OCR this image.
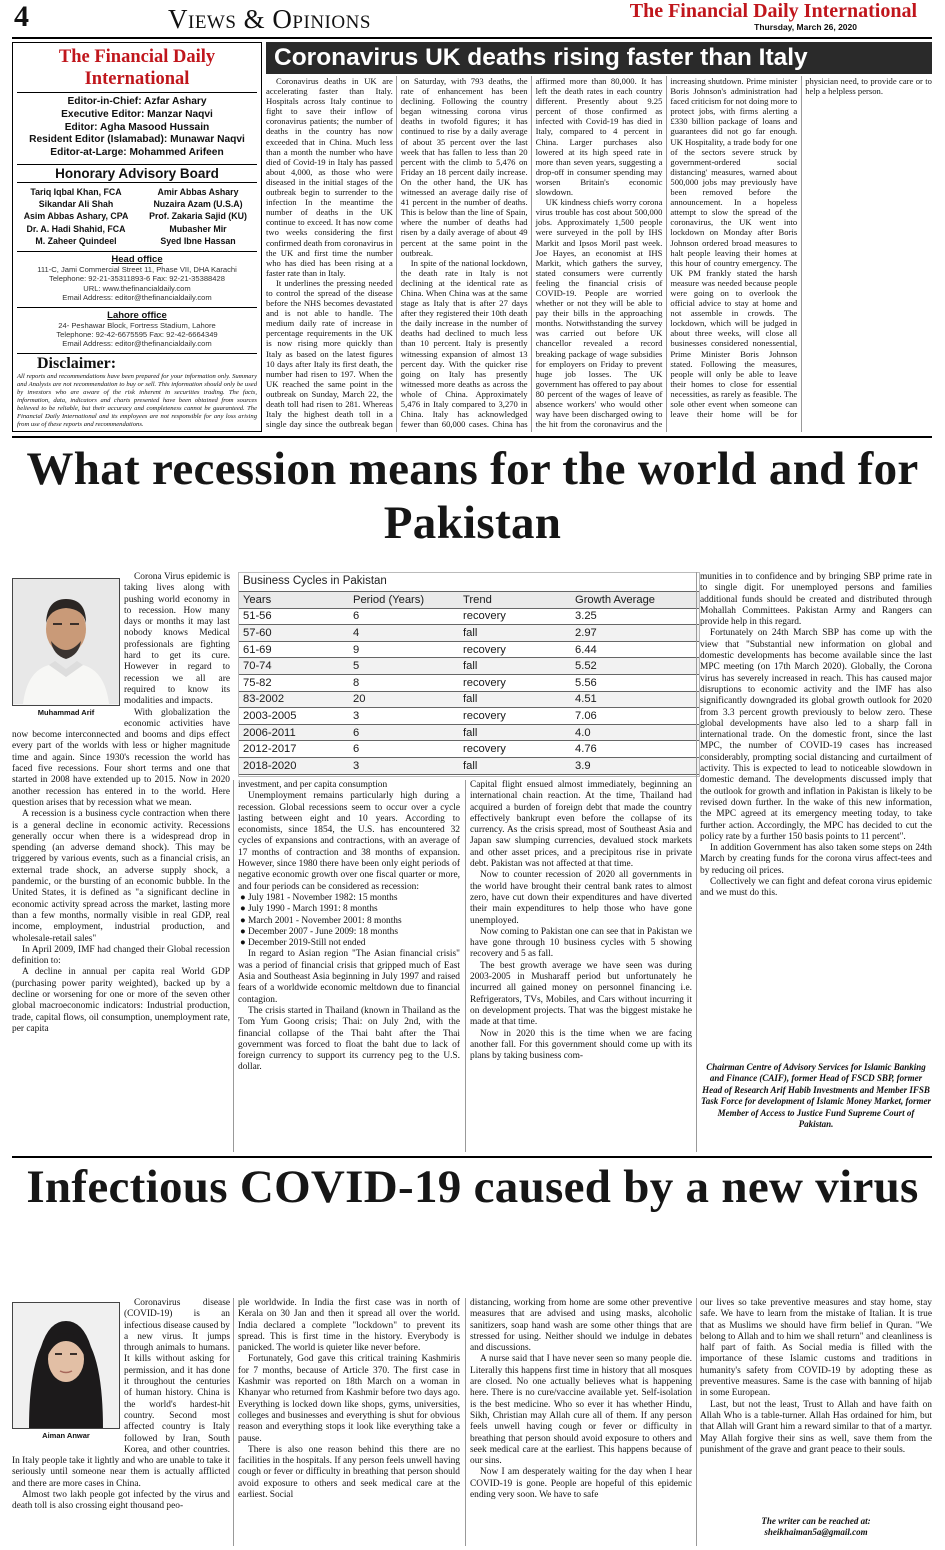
4	Views & Opinions	The Financial Daily International
Thursday, March 26, 2020
The Financial Daily International
Editor-in-Chief: Azfar Ashary
Executive Editor: Manzar Naqvi
Editor: Agha Masood Hussain
Resident Editor (Islamabad): Munawar Naqvi
Editor-at-Large: Mohammed Arifeen
Honorary Advisory Board
Tariq Iqbal Khan, FCA	Amir Abbas Ashary
Sikandar Ali Shah	Nuzaira Azam (U.S.A)
Asim Abbas Ashary, CPA	Prof. Zakaria Sajid (KU)
Dr. A. Hadi Shahid, FCA	Mubasher Mir
M. Zaheer Quindeel	Syed Ibne Hassan
Head office
111-C, Jami Commercial Street 11, Phase VII, DHA Karachi
Telephone: 92-21-35311893-6 Fax: 92-21-35388428
URL: www.thefinancialdaily.com
Email Address: editor@thefinancialdaily.com
Lahore office
24- Peshawar Block, Fortress Stadium, Lahore
Telephone: 92-42-6675595 Fax: 92-42-6664349
Email Address: editor@thefinancialdaily.com
Disclaimer:
All reports and recommendations have been prepared for your information only. Summary and Analysis are not recommendation to buy or sell. This information should only be used by investors who are aware of the risk inherent in securities trading. The facts, information, data, indicators and charts presented have been obtained from sources believed to be reliable, but their accuracy and completeness cannot be guaranteed. The Financial Daily International and its employees are not responsible for any loss arising from use of these reports and recommendations.
Coronavirus UK deaths rising faster than Italy

Coronavirus deaths in UK are accelerating faster than Italy. Hospitals across Italy continue to fight to save their inflow of coronavirus patients; the number of deaths in the country has now exceeded that in China. Much less than a month the number who have died of Covid-19 in Italy has passed about 4,000, as those who were diseased in the initial stages of the outbreak begin to surrender to the infection In the meantime the number of deaths in the UK continue to exceed. It has now come two weeks considering the first confirmed death from coronavirus in the UK and first time the number who has died has been rising at a faster rate than in Italy.

It underlines the pressing needed to control the spread of the disease before the NHS becomes devastated and is not able to handle. The medium daily rate of increase in percentage requirements in the UK is now rising more quickly than Italy as based on the latest figures 10 days after Italy its first death, the number had risen to 197. When the UK reached the same point in the outbreak on Sunday, March 22, the death toll had risen to 281. Whereas Italy the highest death toll in a single day since the outbreak began on Saturday, with 793 deaths, the rate of enhancement has been declining. Following the country began witnessing corona virus deaths in twofold figures; it has continued to rise by a daily average of about 35 percent over the last week that has fallen to less than 20 percent with the climb to 5,476 on Friday an 18 percent daily increase. On the other hand, the UK has witnessed an average daily rise of 41 percent in the number of deaths. This is below than the line of Spain, where the number of deaths had risen by a daily average of about 49 percent at the same point in the outbreak.

In spite of the national lockdown, the death rate in Italy is not declining at the identical rate as China. When China was at the same stage as Italy that is after 27 days after they registered their 10th death the daily increase in the number of deaths had declined to much less than 10 percent. Italy is presently witnessing expansion of almost 13 percent day. With the quicker rise going on Italy has presently witnessed more deaths as across the whole of China. Approximately 5,476 in Italy compared to 3,270 in China. Italy has acknowledged fewer than 60,000 cases. China has affirmed more than 80,000. It has left the death rates in each country different. Presently about 9.25 percent of those confirmed as infected with Covid-19 has died in Italy, compared to 4 percent in China. Larger purchases also lowered at its high speed rate in more than seven years, suggesting a drop-off in consumer spending may worsen Britain's economic slowdown.

UK kindness chiefs worry corona virus trouble has cost about 500,000 jobs. Approximately 1,500 people were surveyed in the poll by IHS Markit and Ipsos Moril past week. Joe Hayes, an economist at IHS Markit, which gathers the survey, stated consumers were currently feeling the financial crisis of COVID-19. People are worried whether or not they will be able to pay their bills in the approaching months. Notwithstanding the survey was carried out before UK chancellor revealed a record breaking package of wage subsidies for employers on Friday to prevent huge job losses. The UK government has offered to pay about 80 percent of the wages of leave of absence workers' who would other way have been discharged owing to the hit from the coronavirus and the increasing shutdown. Prime minister Boris Johnson's administration had faced criticism for not doing more to protect jobs, with firms alerting a £330 billion package of loans and guarantees did not go far enough. UK Hospitality, a trade body for one of the sectors severe struck by government-ordered social distancing' measures, warned about 500,000 jobs may previously have been removed before the announcement. In a hopeless attempt to slow the spread of the coronavirus, the UK went into lockdown on Monday after Boris Johnson ordered broad measures to halt people leaving their homes at this hour of country emergency. The UK PM frankly stated the harsh measure was needed because people were going on to overlook the official advice to stay at home and not assemble in crowds. The lockdown, which will be judged in about three weeks, will close all businesses considered nonessential, Prime Minister Boris Johnson stated. Following the measures, people will only be able to leave their homes to close for essential necessities, as rarely as feasible. The sole other event when someone can leave their home will be for physician need, to provide care or to help a helpless person.

What recession means for the world and for Pakistan

Corona Virus epidemic is taking lives along with pushing world economy in to recession. How many days or months it may last nobody knows Medical professionals are fighting hard to get its cure. However in regard to recession we all are required to know its modalities and impacts.

With globalization the economic activities have now become interconnected and booms and dips effect every part of the worlds with less or higher magnitude time and again. Since 1930's recession the world has faced five recessions. Four short terms and one that started in 2008 have extended up to 2015. Now in 2020 another recession has entered in to the world. Here question arises that by recession what we mean.

A recession is a business cycle contraction when there is a general decline in economic activity. Recessions generally occur when there is a widespread drop in spending (an adverse demand shock). This may be triggered by various events, such as a financial crisis, an external trade shock, an adverse supply shock, a pandemic, or the bursting of an economic bubble. In the United States, it is defined as "a significant decline in economic activity spread across the market, lasting more than a few months, normally visible in real GDP, real income, employment, industrial production, and wholesale-retail sales"

In April 2009, IMF had changed their Global recession definition to:

A decline in annual per capita real World GDP (purchasing power parity weighted), backed up by a decline or worsening for one or more of the seven other global macroeconomic indicators: Industrial production, trade, capital flows, oil consumption, unemployment rate, per capita

Muhammad Arif
Business Cycles in Pakistan
Years	Period (Years)	Trend	Growth Average
51-56	6	recovery	3.25
57-60	4	fall	2.97
61-69	9	recovery	6.44
70-74	5	fall	5.52
75-82	8	recovery	5.56
83-2002	20	fall	4.51
2003-2005	3	recovery	7.06
2006-2011	6	fall	4.0
2012-2017	6	recovery	4.76
2018-2020	3	fall	3.9

investment, and per capita consumption

Unemployment remains particularly high during a recession. Global recessions seem to occur over a cycle lasting between eight and 10 years. According to economists, since 1854, the U.S. has encountered 32 cycles of expansions and contractions, with an average of 17 months of contraction and 38 months of expansion. However, since 1980 there have been only eight periods of negative economic growth over one fiscal quarter or more, and four periods can be considered as recession:

● July 1981 - November 1982: 15 months

● July 1990 - March 1991: 8 months

● March 2001 - November 2001: 8 months

● December 2007 - June 2009: 18 months

● December 2019-Still not ended

In regard to Asian region "The Asian financial crisis" was a period of financial crisis that gripped much of East Asia and Southeast Asia beginning in July 1997 and raised fears of a worldwide economic meltdown due to financial contagion.

The crisis started in Thailand (known in Thailand as the Tom Yum Goong crisis; Thai: on July 2nd, with the financial collapse of the Thai baht after the Thai government was forced to float the baht due to lack of foreign currency to support its currency peg to the U.S. dollar.

Capital flight ensued almost immediately, beginning an international chain reaction. At the time, Thailand had acquired a burden of foreign debt that made the country effectively bankrupt even before the collapse of its currency. As the crisis spread, most of Southeast Asia and Japan saw slumping currencies, devalued stock markets and other asset prices, and a precipitous rise in private debt. Pakistan was not affected at that time.

Now to counter recession of 2020 all governments in the world have brought their central bank rates to almost zero, have cut down their expenditures and have diverted their main expenditures to help those who have gone unemployed.

Now coming to Pakistan one can see that in Pakistan we have gone through 10 business cycles with 5 showing recovery and 5 as fall.

The best growth average we have seen was during 2003-2005 in Musharaff period but unfortunately he incurred all gained money on personnel financing i.e. Refrigerators, TVs, Mobiles, and Cars without incurring it on development projects. That was the biggest mistake he made at that time.

Now in 2020 this is the time when we are facing another fall. For this government should come up with its plans by taking business com-

munities in to confidence and by bringing SBP prime rate in to single digit. For unemployed persons and families additional funds should be created and distributed through Mohallah Committees. Pakistan Army and Rangers can provide help in this regard.

Fortunately on 24th March SBP has come up with the view that "Substantial new information on global and domestic developments has become available since the last MPC meeting (on 17th March 2020). Globally, the Corona virus has severely increased in reach. This has caused major disruptions to economic activity and the IMF has also significantly downgraded its global growth outlook for 2020 from 3.3 percent growth previously to below zero. These global developments have also led to a sharp fall in international trade. On the domestic front, since the last MPC, the number of COVID-19 cases has increased considerably, prompting social distancing and curtailment of activity. This is expected to lead to noticeable slowdown in domestic demand. The developments discussed imply that the outlook for growth and inflation in Pakistan is likely to be revised down further. In the wake of this new information, the MPC agreed at its emergency meeting today, to take further action. Accordingly, the MPC has decided to cut the policy rate by a further 150 basis points to 11 percent".

In addition Government has also taken some steps on 24th March by creating funds for the corona virus affect-tees and by reducing oil prices.

Collectively we can fight and defeat corona virus epidemic and we must do this.

Chairman Centre of Advisory Services for Islamic Banking and Finance (CAIF), former Head of FSCD SBP, former Head of Research Arif Habib Investments and Member IFSB Task Force for development of Islamic Money Market, former Member of Access to Justice Fund Supreme Court of Pakistan.
Infectious COVID-19 caused by a new virus

Coronavirus disease (COVID-19) is an infectious disease caused by a new virus. It jumps through animals to humans. It kills without asking for permission, and it has done it throughout the centuries of human history. China is the world's hardest-hit country. Second most affected country is Italy followed by Iran, South Korea, and other countries. In Italy people take it lightly and who are unable to take it seriously until someone near them is actually afflicted and there are more cases in China.

Almost two lakh people got infected by the virus and death toll is also crossing eight thousand peo-

Aiman Anwar

ple worldwide. In India the first case was in north of Kerala on 30 Jan and then it spread all over the world. India declared a complete "lockdown" to prevent its spread. This is first time in the history. Everybody is panicked. The world is quieter like never before.

Fortunately, God gave this critical training Kashmiris for 7 months, because of Article 370. The first case in Kashmir was reported on 18th March on a woman in Khanyar who returned from Kashmir before two days ago. Everything is locked down like shops, gyms, universities, colleges and businesses and everything is shut for obvious reason and everything stops it look like everything take a pause.

There is also one reason behind this there are no facilities in the hospitals. If any person feels unwell having cough or fever or difficulty in breathing that person should avoid exposure to others and seek medical care at the earliest. Social

distancing, working from home are some other preventive measures that are advised and using masks, alcoholic sanitizers, soap hand wash are some other things that are stressed for using. Neither should we indulge in debates and discussions.

A nurse said that I have never seen so many people die. Literally this happens first time in history that all mosques are closed. No one actually believes what is happening here. There is no cure/vaccine available yet. Self-isolation is the best medicine. Who so ever it has whether Hindu, Sikh, Christian may Allah cure all of them. If any person feels unwell having cough or fever or difficulty in breathing that person should avoid exposure to others and seek medical care at the earliest. This happens because of our sins.

Now I am desperately waiting for the day when I hear COVID-19 is gone. People are hopeful of this epidemic ending very soon. We have to safe

our lives so take preventive measures and stay home, stay safe. We have to learn from the mistake of Italian. It is true that as Muslims we should have firm belief in Quran. "We belong to Allah and to him we shall return" and cleanliness is half part of faith. As Social media is filled with the importance of these Islamic customs and traditions in humanity's safety from COVID-19 by adopting these as preventive measures. Same is the case with banning of hijab in some European.

Last, but not the least, Trust to Allah and have faith on Allah Who is a table-turner. Allah Has ordained for him, but that Allah will Grant him a reward similar to that of a martyr. May Allah forgive their sins as well, save them from the punishment of the grave and grant peace to their souls.

The writer can be reached at:
sheikhaiman5a@gmail.com
